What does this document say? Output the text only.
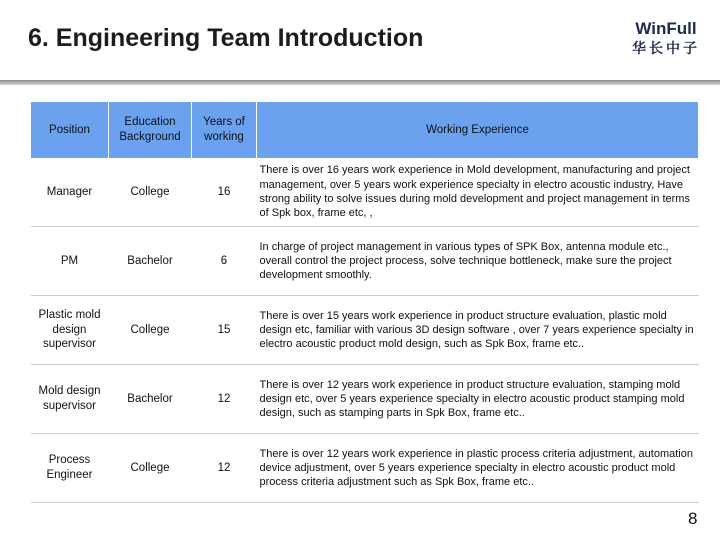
6. Engineering Team Introduction	WinFull
华长中子
Position	Education Background	Years of working	Working Experience
Manager	College	16	There is over 16 years work experience in Mold development, manufacturing and project management, over 5 years work experience specialty in electro acoustic industry, Have strong ability to solve issues during mold development and project management in terms of Spk box, frame etc, ,
PM	Bachelor	6	In charge of project management in various types of SPK Box, antenna module etc., overall control the project process, solve technique bottleneck, make sure the project development smoothly.
Plastic mold design supervisor	College	15	There is over 15 years work experience in product structure evaluation, plastic mold design etc, familiar with various 3D design software , over 7 years experience specialty in electro acoustic product mold design, such as Spk Box, frame etc..
Mold design supervisor	Bachelor	12	There is over 12 years work experience in product structure evaluation, stamping mold design etc, over 5 years experience specialty in electro acoustic product stamping mold design, such as stamping parts in Spk Box, frame etc..
Process Engineer	College	12	There is over 12 years work experience in plastic process criteria adjustment, automation device adjustment, over 5 years experience specialty in electro acoustic product mold process criteria adjustment such as Spk Box, frame etc..
8
